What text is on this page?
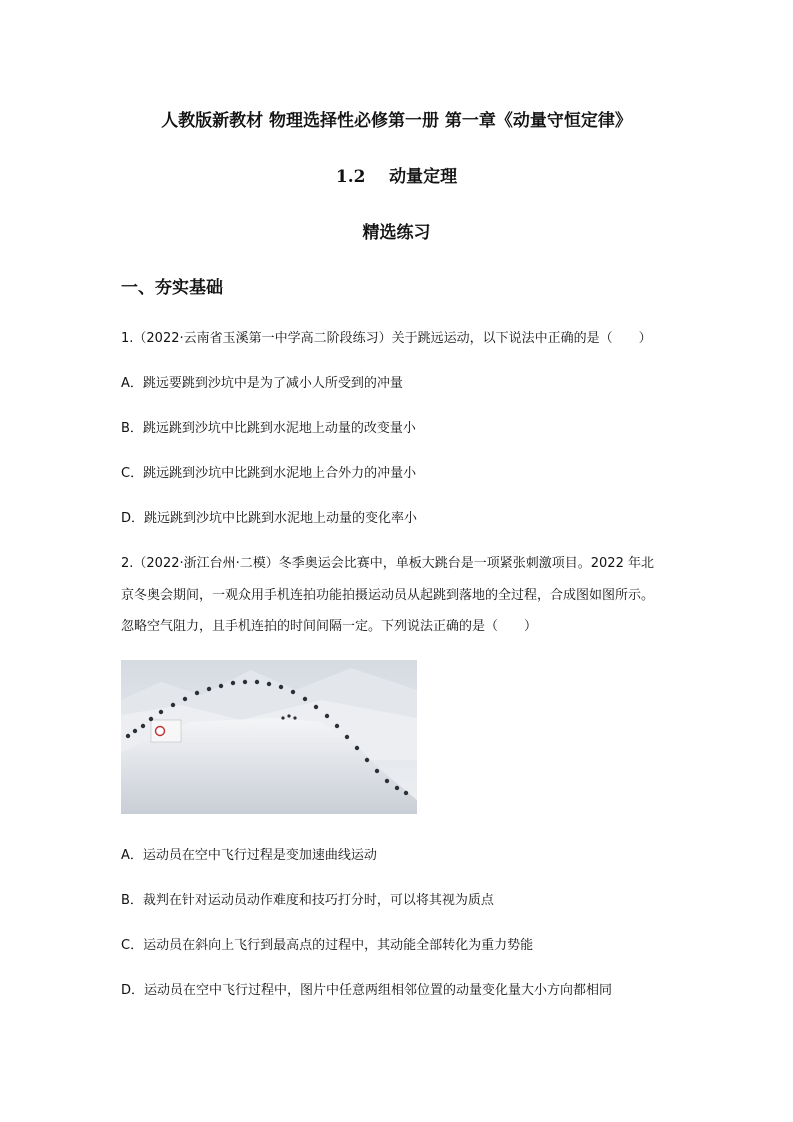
人教版新教材 物理选择性必修第一册 第一章《动量守恒定律》
1.2    动量定理
精选练习
一、夯实基础
1.（2022·云南省玉溪第一中学高二阶段练习）关于跳远运动，以下说法中正确的是（　　）
A．跳远要跳到沙坑中是为了减小人所受到的冲量
B．跳远跳到沙坑中比跳到水泥地上动量的改变量小
C．跳远跳到沙坑中比跳到水泥地上合外力的冲量小
D．跳远跳到沙坑中比跳到水泥地上动量的变化率小
2.（2022·浙江台州·二模）冬季奥运会比赛中，单板大跳台是一项紧张刺激项目。2022 年北
京冬奥会期间，一观众用手机连拍功能拍摄运动员从起跳到落地的全过程，合成图如图所示。
忽略空气阻力，且手机连拍的时间间隔一定。下列说法正确的是（　　）
A．运动员在空中飞行过程是变加速曲线运动
B．裁判在针对运动员动作难度和技巧打分时，可以将其视为质点
C．运动员在斜向上飞行到最高点的过程中，其动能全部转化为重力势能
D．运动员在空中飞行过程中，图片中任意两组相邻位置的动量变化量大小方向都相同
